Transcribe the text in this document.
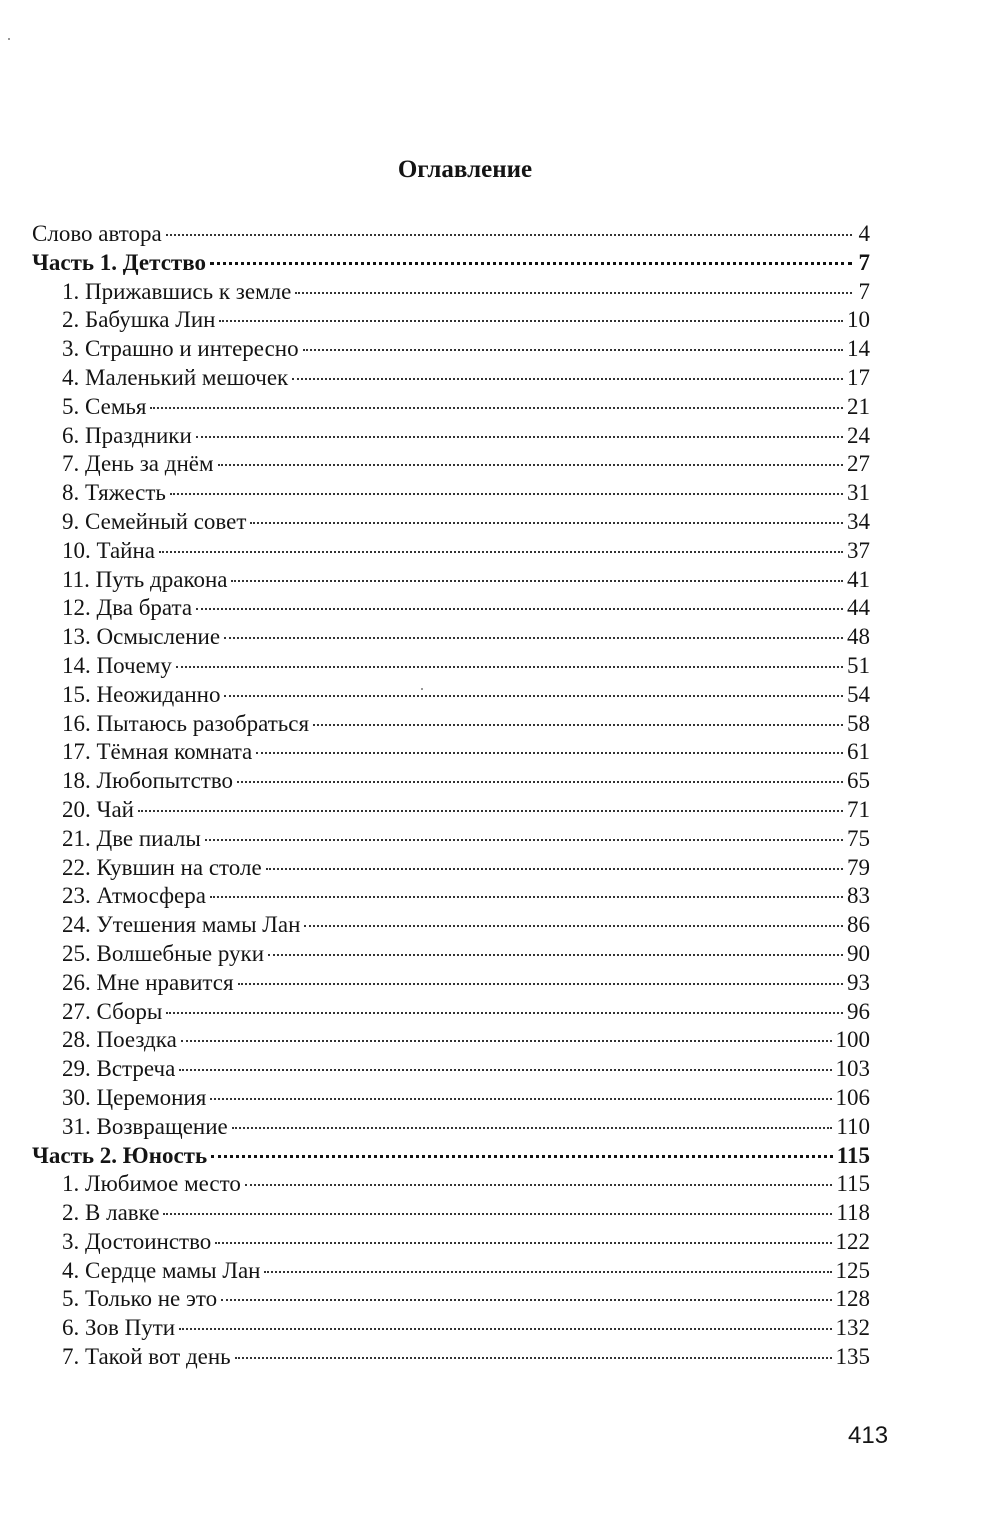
Оглавление
Слово автора	4
Часть 1. Детство	7
1. Прижавшись к земле	7
2. Бабушка Лин	10
3. Страшно и интересно	14
4. Маленький мешочек	17
5. Семья	21
6. Праздники	24
7. День за днём	27
8. Тяжесть	31
9. Семейный совет	34
10. Тайна	37
11. Путь дракона	41
12. Два брата	44
13. Осмысление	48
14. Почему	51
15. Неожиданно	54
16. Пытаюсь разобраться	58
17. Тёмная комната	61
18. Любопытство	65
20. Чай	71
21. Две пиалы	75
22. Кувшин на столе	79
23. Атмосфера	83
24. Утешения мамы Лан	86
25. Волшебные руки	90
26. Мне нравится	93
27. Сборы	96
28. Поездка	100
29. Встреча	103
30. Церемония	106
31. Возвращение	110
Часть 2. Юность	115
1. Любимое место	115
2. В лавке	118
3. Достоинство	122
4. Сердце мамы Лан	125
5. Только не это	128
6. Зов Пути	132
7. Такой вот день	135
413
